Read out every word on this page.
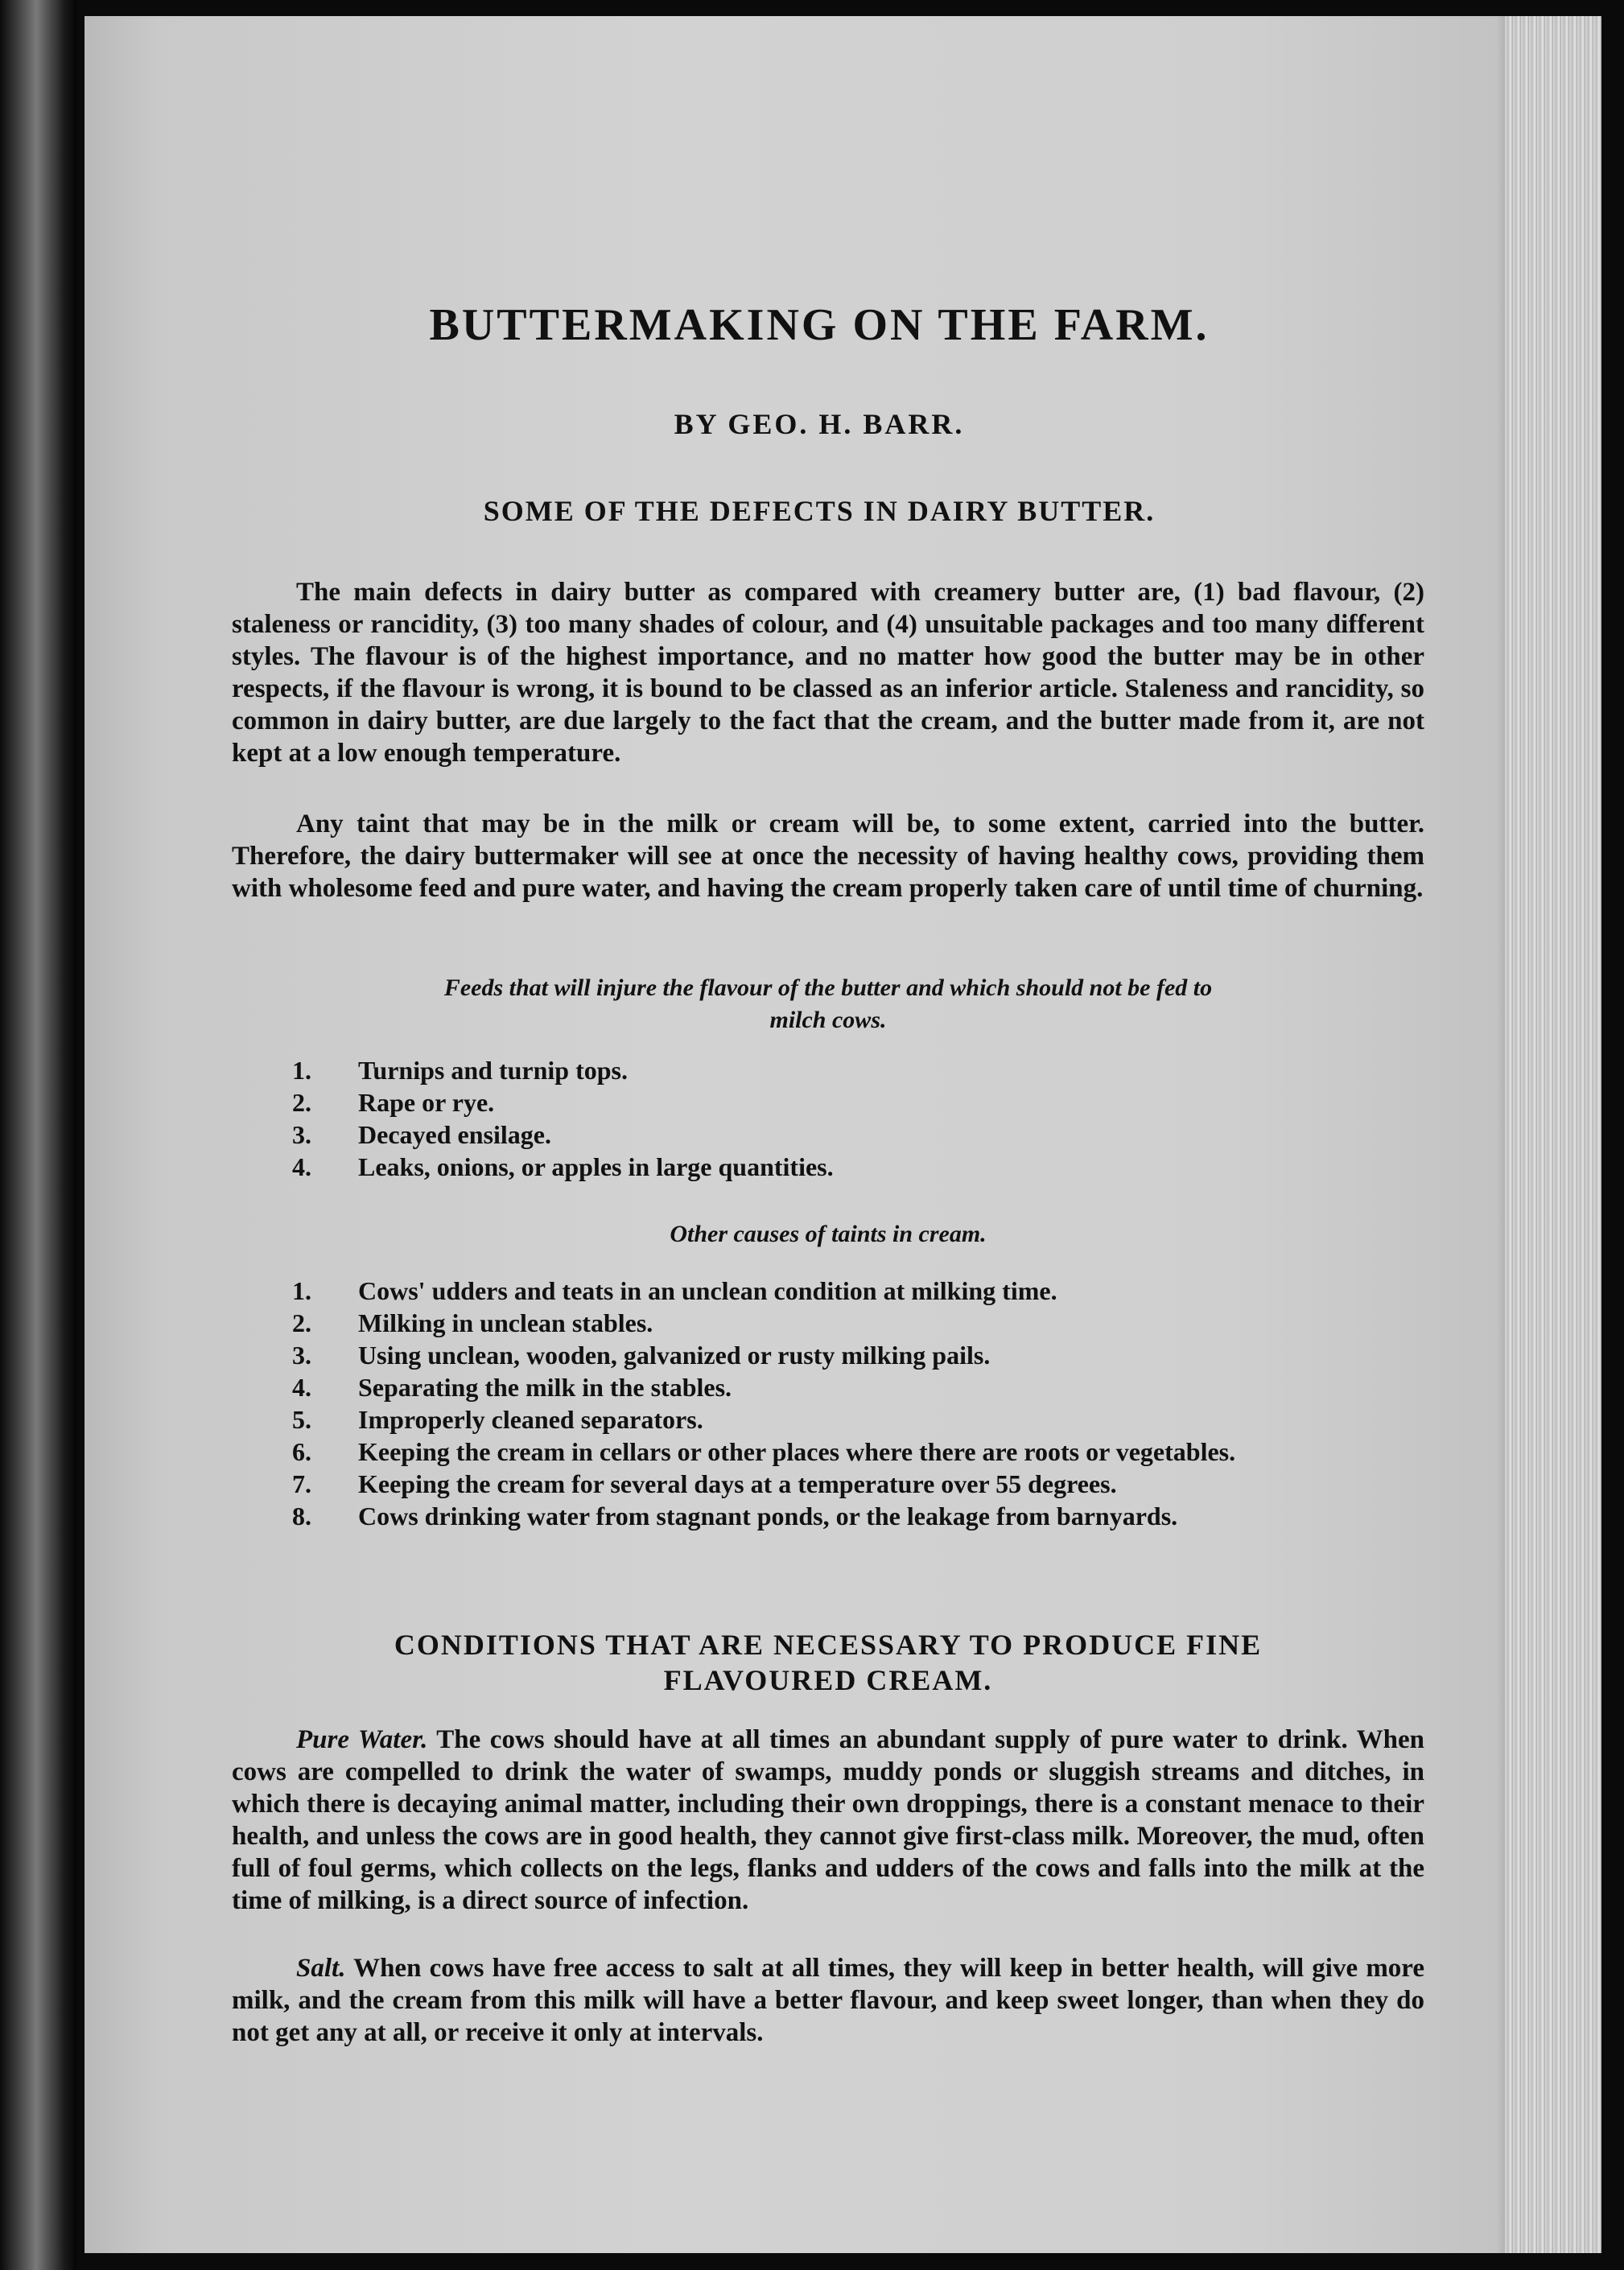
BUTTERMAKING ON THE FARM.
BY GEO. H. BARR.
SOME OF THE DEFECTS IN DAIRY BUTTER.
The main defects in dairy butter as compared with creamery butter are, (1) bad flavour, (2) staleness or rancidity, (3) too many shades of colour, and (4) unsuitable packages and too many different styles. The flavour is of the highest importance, and no matter how good the butter may be in other respects, if the flavour is wrong, it is bound to be classed as an inferior article. Staleness and rancidity, so common in dairy butter, are due largely to the fact that the cream, and the butter made from it, are not kept at a low enough temperature.
Any taint that may be in the milk or cream will be, to some extent, carried into the butter. Therefore, the dairy buttermaker will see at once the necessity of having healthy cows, providing them with wholesome feed and pure water, and having the cream properly taken care of until time of churning.
Feeds that will injure the flavour of the butter and which should not be fed to
milch cows.
1.	Turnips and turnip tops.
2.	Rape or rye.
3.	Decayed ensilage.
4.	Leaks, onions, or apples in large quantities.
Other causes of taints in cream.
1.	Cows' udders and teats in an unclean condition at milking time.
2.	Milking in unclean stables.
3.	Using unclean, wooden, galvanized or rusty milking pails.
4.	Separating the milk in the stables.
5.	Improperly cleaned separators.
6.	Keeping the cream in cellars or other places where there are roots or vegetables.
7.	Keeping the cream for several days at a temperature over 55 degrees.
8.	Cows drinking water from stagnant ponds, or the leakage from barnyards.
CONDITIONS THAT ARE NECESSARY TO PRODUCE FINE
FLAVOURED CREAM.
Pure Water. The cows should have at all times an abundant supply of pure water to drink. When cows are compelled to drink the water of swamps, muddy ponds or sluggish streams and ditches, in which there is decaying animal matter, including their own droppings, there is a constant menace to their health, and unless the cows are in good health, they cannot give first-class milk. Moreover, the mud, often full of foul germs, which collects on the legs, flanks and udders of the cows and falls into the milk at the time of milking, is a direct source of infection.
Salt. When cows have free access to salt at all times, they will keep in better health, will give more milk, and the cream from this milk will have a better flavour, and keep sweet longer, than when they do not get any at all, or receive it only at intervals.
